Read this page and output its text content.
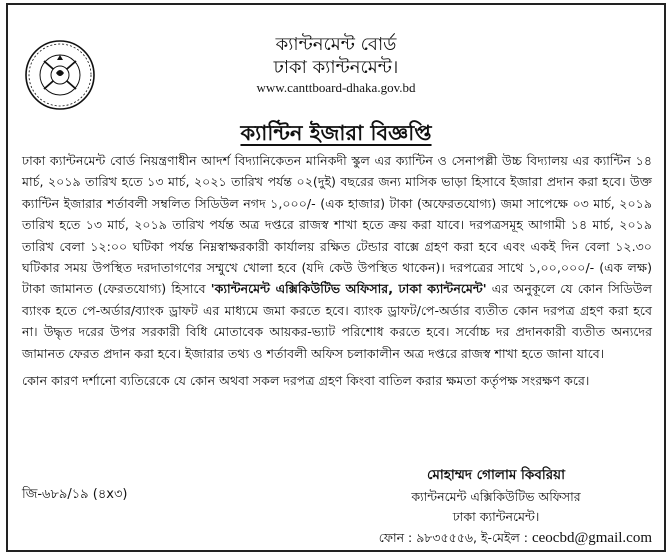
ক্যান্টনমেন্ট বোর্ড
ঢাকা ক্যান্টনমেন্ট।
www.canttboard-dhaka.gov.bd
ক্যান্টিন ইজারা বিজ্ঞপ্তি

ঢাকা ক্যান্টনমেন্ট বোর্ড নিয়ন্ত্রণাধীন আদর্শ বিদ্যানিকেতন মানিকদী স্কুল এর ক্যান্টিন ও সেনাপল্লী উচ্চ বিদ্যালয় এর ক্যান্টিন ১৪ মার্চ, ২০১৯ তারিখ হতে ১৩ মার্চ, ২০২১ তারিখ পর্যন্ত ০২(দুই) বছরের জন্য মাসিক ভাড়া হিসাবে ইজারা প্রদান করা হবে। উক্ত ক্যান্টিন ইজারার শর্তাবলী সম্বলিত সিডিউল নগদ ১,০০০/- (এক হাজার) টাকা (অফেরতযোগ্য) জমা সাপেক্ষে ০৩ মার্চ, ২০১৯ তারিখ হতে ১৩ মার্চ, ২০১৯ তারিখ পর্যন্ত অত্র দপ্তরে রাজস্ব শাখা হতে ক্রয় করা যাবে। দরপত্রসমূহ আগামী ১৪ মার্চ, ২০১৯ তারিখ বেলা ১২:০০ ঘটিকা পর্যন্ত নিম্নস্বাক্ষরকারী কার্যালয় রক্ষিত টেন্ডার বাক্সে গ্রহণ করা হবে এবং একই দিন বেলা ১২.৩০ ঘটিকার সময় উপস্থিত দরদাতাগণের সম্মুখে খোলা হবে (যদি কেউ উপস্থিত থাকেন)। দরপত্রের সাথে ১,০০,০০০/- (এক লক্ষ) টাকা জামানত (ফেরতযোগ্য) হিসাবে 'ক্যান্টনমেন্ট এক্সিকিউটিভ অফিসার, ঢাকা ক্যান্টনমেন্ট' এর অনুকূলে যে কোন সিডিউল ব্যাংক হতে পে-অর্ডার/ব্যাংক ড্রাফট এর মাধ্যমে জমা করতে হবে। ব্যাংক ড্রাফট/পে-অর্ডার ব্যতীত কোন দরপত্র গ্রহণ করা হবে না। উদ্ধৃত দরের উপর সরকারী বিধি মোতাবেক আয়কর-ভ্যাট পরিশোধ করতে হবে। সর্বোচ্চ দর প্রদানকারী ব্যতীত অন্যদের জামানত ফেরত প্রদান করা হবে। ইজারার তথ্য ও শর্তাবলী অফিস চলাকালীন অত্র দপ্তরে রাজস্ব শাখা হতে জানা যাবে।

কোন কারণ দর্শানো ব্যতিরেকে যে কোন অথবা সকল দরপত্র গ্রহণ কিংবা বাতিল করার ক্ষমতা কর্তৃপক্ষ সংরক্ষণ করে।

মোহাম্মদ গোলাম কিবরিয়া
ক্যান্টনমেন্ট এক্সিকিউটিভ অফিসার
ঢাকা ক্যান্টনমেন্ট।
জি-৬৮৯/১৯ (৪x৩)
ফোন : ৯৮৩৫৫৫৬, ই-মেইল : ceocbd@gmail.com
